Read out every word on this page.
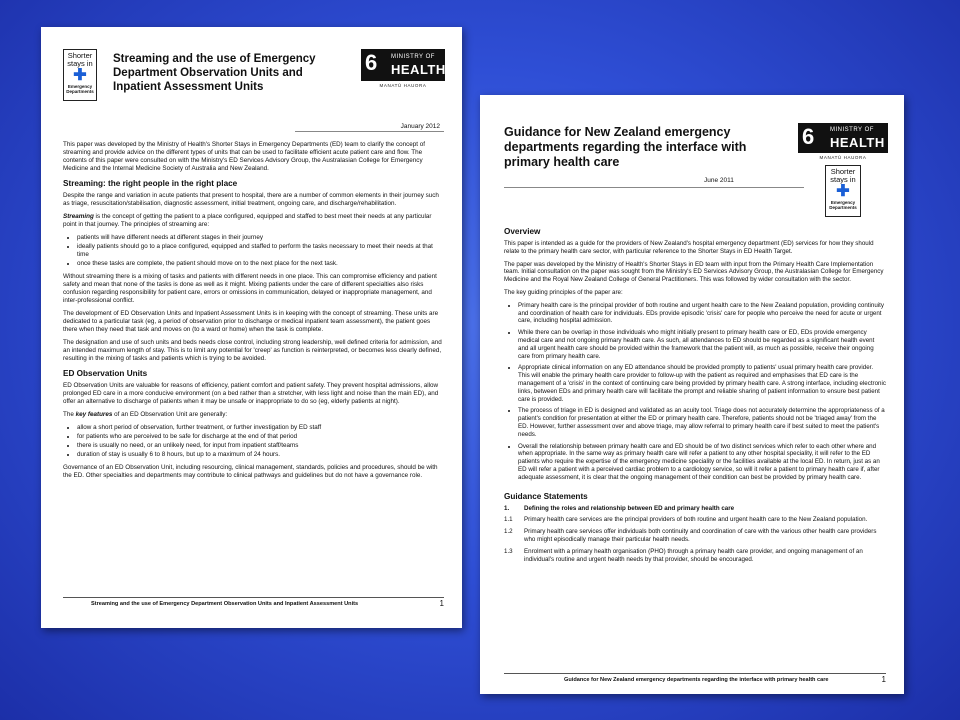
Shorter
stays in
✚
Emergency
Departments
Streaming and the use of Emergency Department Observation Units and Inpatient Assessment Units
6 MINISTRY OF
HEALTH
MANATŪ HAUORA
January 2012

This paper was developed by the Ministry of Health's Shorter Stays in Emergency Departments (ED) team to clarify the concept of streaming and provide advice on the different types of units that can be used to facilitate efficient acute patient care and flow. The contents of this paper were consulted on with the Ministry's ED Services Advisory Group, the Australasian College for Emergency Medicine and the Internal Medicine Society of Australia and New Zealand.

Streaming: the right people in the right place

Despite the range and variation in acute patients that present to hospital, there are a number of common elements in their journey such as triage, resuscitation/stabilisation, diagnostic assessment, initial treatment, ongoing care, and discharge/rehabilitation.

Streaming is the concept of getting the patient to a place configured, equipped and staffed to best meet their needs at any particular point in that journey. The principles of streaming are:

• patients will have different needs at different stages in their journey
• ideally patients should go to a place configured, equipped and staffed to perform the tasks necessary to meet their needs at that time
• once these tasks are complete, the patient should move on to the next place for the next task.

Without streaming there is a mixing of tasks and patients with different needs in one place. This can compromise efficiency and patient safety and mean that none of the tasks is done as well as it might. Mixing patients under the care of different specialties also risks confusion regarding responsibility for patient care, errors or omissions in communication, delayed or inappropriate management, and inter-professional conflict.

The development of ED Observation Units and Inpatient Assessment Units is in keeping with the concept of streaming. These units are dedicated to a particular task (eg, a period of observation prior to discharge or medical inpatient team assessment), the patient goes there when they need that task and moves on (to a ward or home) when the task is complete.

The designation and use of such units and beds needs close control, including strong leadership, well defined criteria for admission, and an intended maximum length of stay. This is to limit any potential for 'creep' as function is reinterpreted, or becomes less clearly defined, resulting in the mixing of tasks and patients which is trying to be avoided.

ED Observation Units

ED Observation Units are valuable for reasons of efficiency, patient comfort and patient safety. They prevent hospital admissions, allow prolonged ED care in a more conducive environment (on a bed rather than a stretcher, with less light and noise than the main ED), and offer an alternative to discharge of patients when it may be unsafe or inappropriate to do so (eg, elderly patients at night).

The key features of an ED Observation Unit are generally:

• allow a short period of observation, further treatment, or further investigation by ED staff
• for patients who are perceived to be safe for discharge at the end of that period
• there is usually no need, or an unlikely need, for input from inpatient staff/teams
• duration of stay is usually 6 to 8 hours, but up to a maximum of 24 hours.

Governance of an ED Observation Unit, including resourcing, clinical management, standards, policies and procedures, should be with the ED. Other specialties and departments may contribute to clinical pathways and guidelines but do not have a governance role.

Streaming and the use of Emergency Department Observation Units and Inpatient Assessment Units	1
Guidance for New Zealand emergency departments regarding the interface with primary health care
6	MINISTRY OF
HEALTH
MANATŪ HAUORA
Shorter
stays in
✚
Emergency
Departments
June 2011
Overview

This paper is intended as a guide for the providers of New Zealand's hospital emergency department (ED) services for how they should relate to the primary health care sector, with particular reference to the Shorter Stays in ED Health Target.

The paper was developed by the Ministry of Health's Shorter Stays in ED team with input from the Primary Health Care Implementation team. Initial consultation on the paper was sought from the Ministry's ED Services Advisory Group, the Australasian College for Emergency Medicine and the Royal New Zealand College of General Practitioners. This was followed by wider consultation with the sector.

The key guiding principles of the paper are:

• Primary health care is the principal provider of both routine and urgent health care to the New Zealand population, providing continuity and coordination of health care for individuals. EDs provide episodic 'crisis' care for people who perceive the need for acute or urgent care, including hospital admission.
• While there can be overlap in those individuals who might initially present to primary health care or ED, EDs provide emergency medical care and not ongoing primary health care. As such, all attendances to ED should be regarded as a significant health event and all urgent health care should be provided within the framework that the patient will, as much as possible, receive their ongoing care from primary health care.
• Appropriate clinical information on any ED attendance should be provided promptly to patients' usual primary health care provider. This will enable the primary health care provider to follow-up with the patient as required and emphasises that ED care is the management of a 'crisis' in the context of continuing care being provided by primary health care. A strong interface, including electronic links, between EDs and primary health care will facilitate the prompt and reliable sharing of patient information to ensure best patient care is provided.
• The process of triage in ED is designed and validated as an acuity tool. Triage does not accurately determine the appropriateness of a patient's condition for presentation at either the ED or primary health care. Therefore, patients should not be 'triaged away' from the ED. However, further assessment over and above triage, may allow referral to primary health care if best suited to meet the patient's needs.
• Overall the relationship between primary health care and ED should be of two distinct services which refer to each other where and when appropriate. In the same way as primary health care will refer a patient to any other hospital speciality, it will refer to the ED patients who require the expertise of the emergency medicine speciality or the facilities available at the local ED. In return, just as an ED will refer a patient with a perceived cardiac problem to a cardiology service, so will it refer a patient to primary health care if, after adequate assessment, it is clear that the ongoing management of their condition can best be provided by primary health care.
Guidance Statements
1.	Defining the roles and relationship between ED and primary health care
1.1	Primary health care services are the principal providers of both routine and urgent health care to the New Zealand population.
1.2	Primary health care services offer individuals both continuity and coordination of care with the various other health care providers who might episodically manage their particular health needs.
1.3	Enrolment with a primary health organisation (PHO) through a primary health care provider, and ongoing management of an individual's routine and urgent health needs by that provider, should be encouraged.
Guidance for New Zealand emergency departments regarding the interface with primary health care	1
